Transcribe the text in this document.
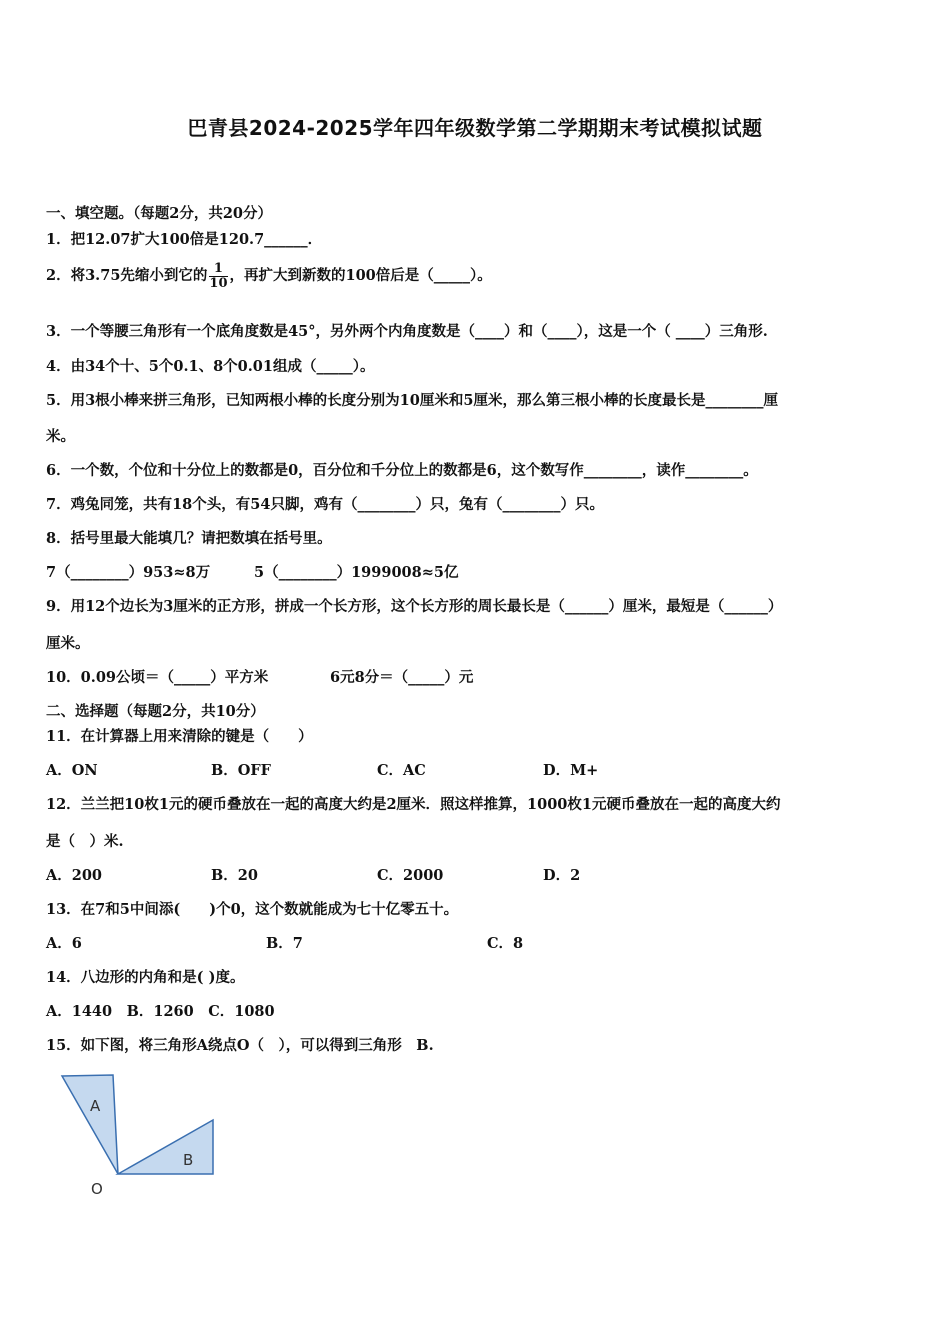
巴青县2024-2025学年四年级数学第二学期期末考试模拟试题
一、填空题。（每题2分，共20分）
1．把12.07扩大100倍是120.7______．
2．将3.75先缩小到它的 $\frac{1}{10}$ ，再扩大到新数的100倍后是（_____）。
3．一个等腰三角形有一个底角度数是45°，另外两个内角度数是（____）和（____），这是一个（ ____）三角形.
4．由34个十、5个0.1、8个0.01组成（_____）。
5．用3根小棒来拼三角形，已知两根小棒的长度分别为10厘米和5厘米，那么第三根小棒的长度最长是________厘
米。
6．一个数，个位和十分位上的数都是0，百分位和千分位上的数都是6，这个数写作________，读作________。
7．鸡兔同笼，共有18个头，有54只脚，鸡有（________）只，兔有（________）只。
8．括号里最大能填几？请把数填在括号里。
7（________）953≈8万	5（________）1999008≈5亿
9．用12个边长为3厘米的正方形，拼成一个长方形，这个长方形的周长最长是（______）厘米，最短是（______）
厘米。
10．0.09公顷＝（_____）平方米	6元8分＝（_____）元
二、选择题（每题2分，共10分）
11．在计算器上用来清除的键是（　　）
A．ON	B．OFF	C．AC	D．M+
12．兰兰把10枚1元的硬币叠放在一起的高度大约是2厘米．照这样推算，1000枚1元硬币叠放在一起的高度大约
是（　）米.
A．200	B．20	C．2000	D．2
13．在7和5中间添(　　)个0，这个数就能成为七十亿零五十。
A．6	B．7	C．8
14．八边形的内角和是( )度。
A．1440　B．1260　C．1080
15．如下图，将三角形A绕点O（　），可以得到三角形　B.
A
B
O
